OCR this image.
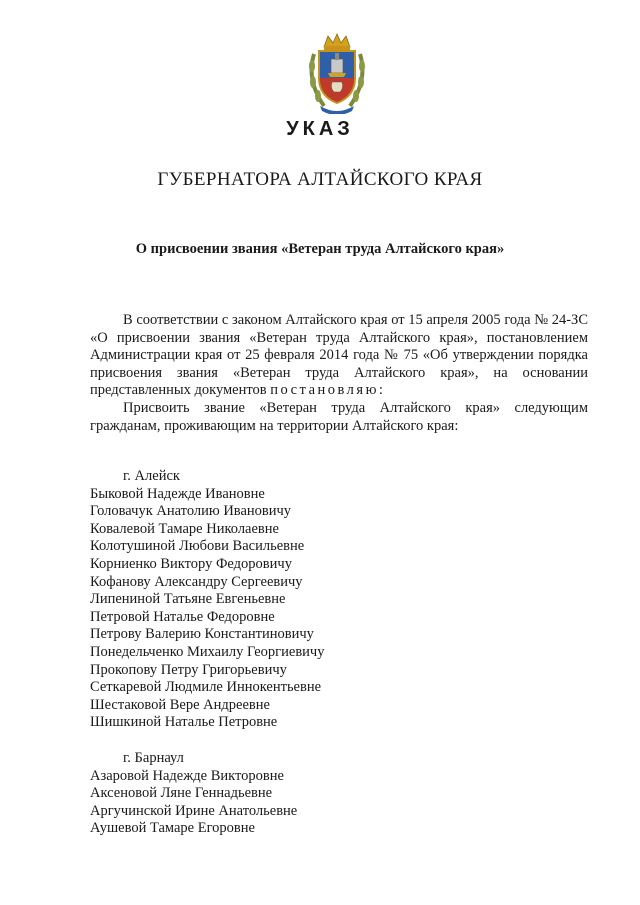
УКАЗ
ГУБЕРНАТОРА АЛТАЙСКОГО КРАЯ
О присвоении звания «Ветеран труда Алтайского края»

В соответствии с законом Алтайского края от 15 апреля 2005 года № 24-ЗС «О присвоении звания «Ветеран труда Алтайского края», постановлением Администрации края от 25 февраля 2014 года № 75 «Об утверждении порядка присвоения звания «Ветеран труда Алтайского края», на основании представленных документов постановляю:

Присвоить звание «Ветеран труда Алтайского края» следующим гражданам, проживающим на территории Алтайского края:

г. Алейск
Быковой Надежде Ивановне
Головачук Анатолию Ивановичу
Ковалевой Тамаре Николаевне
Колотушиной Любови Васильевне
Корниенко Виктору Федоровичу
Кофанову Александру Сергеевичу
Липениной Татьяне Евгеньевне
Петровой Наталье Федоровне
Петрову Валерию Константиновичу
Понедельченко Михаилу Георгиевичу
Прокопову Петру Григорьевичу
Сеткаревой Людмиле Иннокентьевне
Шестаковой Вере Андреевне
Шишкиной Наталье Петровне
г. Барнаул
Азаровой Надежде Викторовне
Аксеновой Ляне Геннадьевне
Аргучинской Ирине Анатольевне
Аушевой Тамаре Егоровне
